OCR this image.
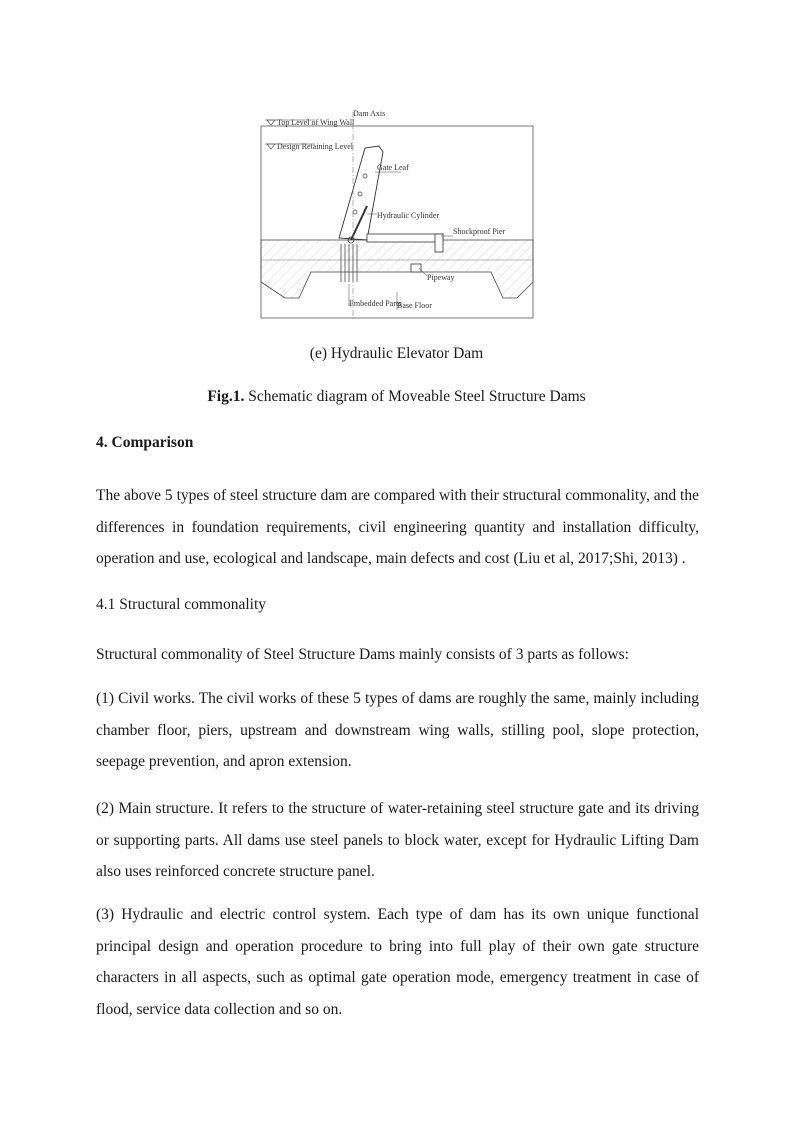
Dam Axis
Top Level of Wing Wall
Design Retaining Level
Gate Leaf
Hydraulic Cylinder
Shockproof Pier
Pipeway
Embedded Parts
Base Floor
(e) Hydraulic Elevator Dam
Fig.1. Schematic diagram of Moveable Steel Structure Dams
4. Comparison

The above 5 types of steel structure dam are compared with their structural commonality, and the differences in foundation requirements, civil engineering quantity and installation difficulty, operation and use, ecological and landscape, main defects and cost (Liu et al, 2017;Shi, 2013) .

4.1 Structural commonality

Structural commonality of Steel Structure Dams mainly consists of 3 parts as follows:

(1) Civil works. The civil works of these 5 types of dams are roughly the same, mainly including chamber floor, piers, upstream and downstream wing walls, stilling pool, slope protection, seepage prevention, and apron extension.

(2) Main structure. It refers to the structure of water-retaining steel structure gate and its driving or supporting parts. All dams use steel panels to block water, except for Hydraulic Lifting Dam also uses reinforced concrete structure panel.

(3) Hydraulic and electric control system. Each type of dam has its own unique functional principal design and operation procedure to bring into full play of their own gate structure characters in all aspects, such as optimal gate operation mode, emergency treatment in case of flood, service data collection and so on.
